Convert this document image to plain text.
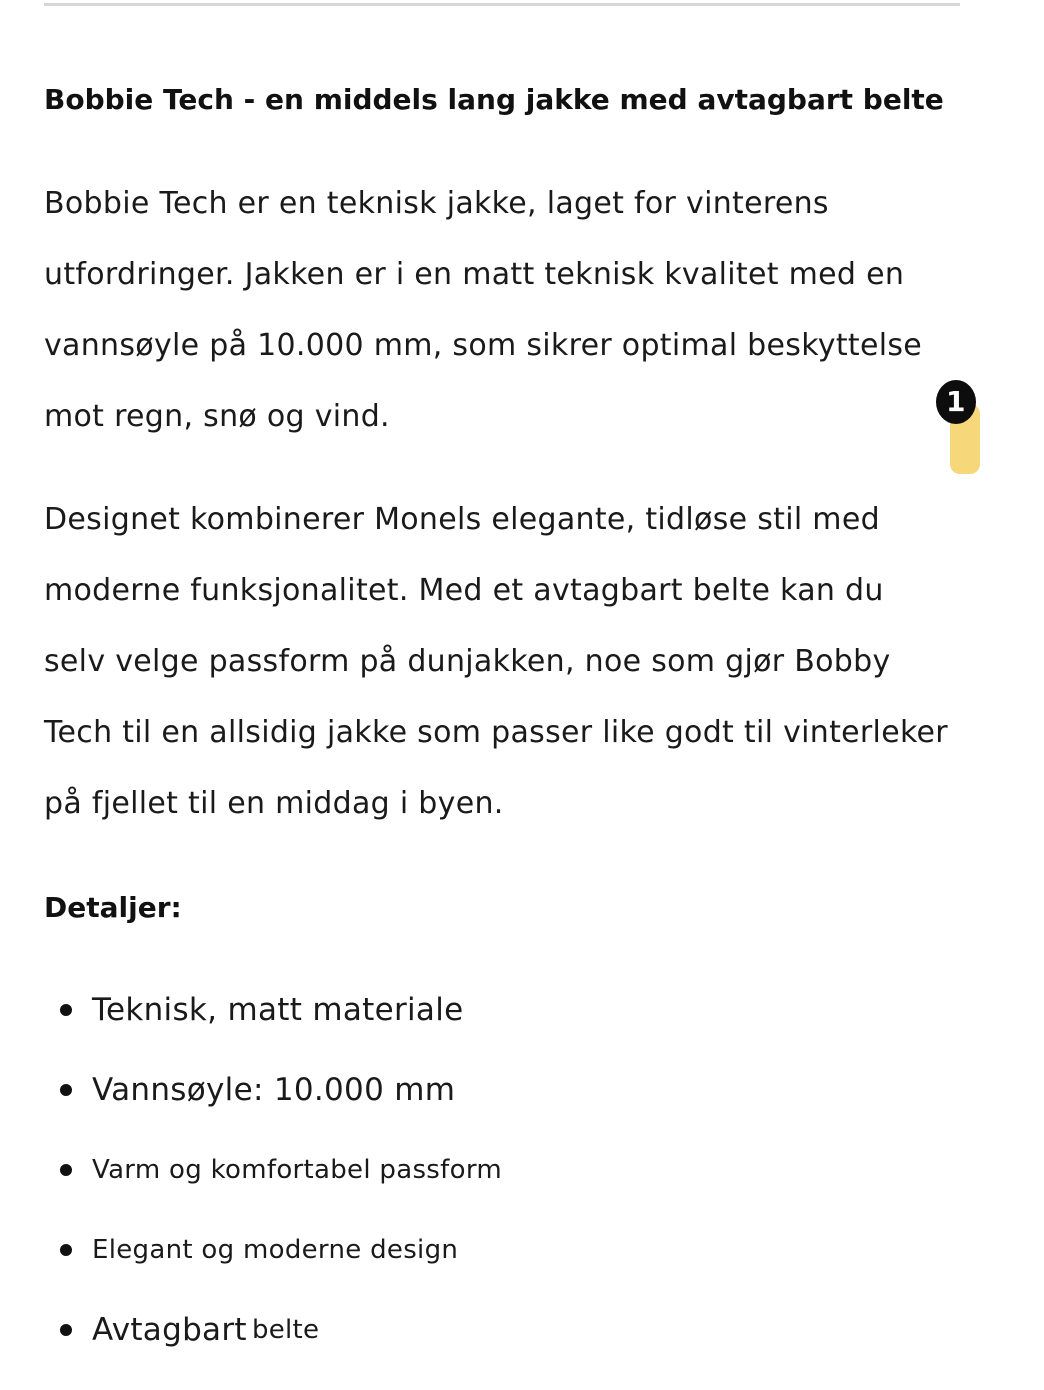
Bobbie Tech - en middels lang jakke med avtagbart belte

Bobbie Tech er en teknisk jakke, laget for vinterens
utfordringer. Jakken er i en matt teknisk kvalitet med en
vannsøyle på 10.000 mm, som sikrer optimal beskyttelse
mot regn, snø og vind.

Designet kombinerer Monels elegante, tidløse stil med
moderne funksjonalitet. Med et avtagbart belte kan du
selv velge passform på dunjakken, noe som gjør Bobby
Tech til en allsidig jakke som passer like godt til vinterleker
på fjellet til en middag i byen.

Detaljer:
Teknisk, matt materiale
Vannsøyle: 10.000 mm
Varm og komfortabel passform
Elegant og moderne design
Avtagbart
belte
1
